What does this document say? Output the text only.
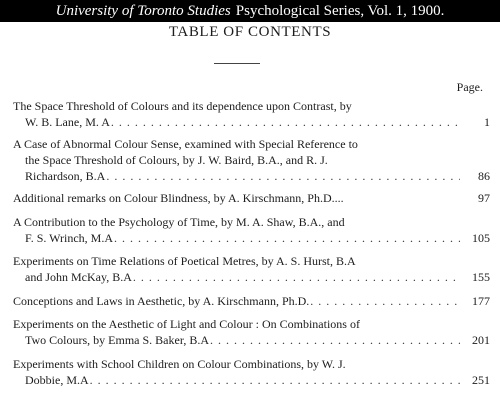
University of Toronto Studies Psychological Series, Vol. 1, 1900.
TABLE OF CONTENTS
Page.
The Space Threshold of Colours and its dependence upon Contrast, by
W. B. Lane, M. A . . .	1
A Case of Abnormal Colour Sense, examined with Special Reference to
the Space Threshold of Colours, by J. W. Baird, B.A., and R. J.
Richardson, B.A . . .	86
Additional remarks on Colour Blindness, by A. Kirschmann, Ph.D....	97
A Contribution to the Psychology of Time, by M. A. Shaw, B.A., and
F. S. Wrinch, M.A . . .	105
Experiments on Time Relations of Poetical Metres, by A. S. Hurst, B.A
and John McKay, B.A . . .	155
Conceptions and Laws in Aesthetic, by A. Kirschmann, Ph.D. . . .	177
Experiments on the Aesthetic of Light and Colour : On Combinations of
Two Colours, by Emma S. Baker, B.A . . .	201
Experiments with School Children on Colour Combinations, by W. J.
Dobbie, M.A . . .	251
